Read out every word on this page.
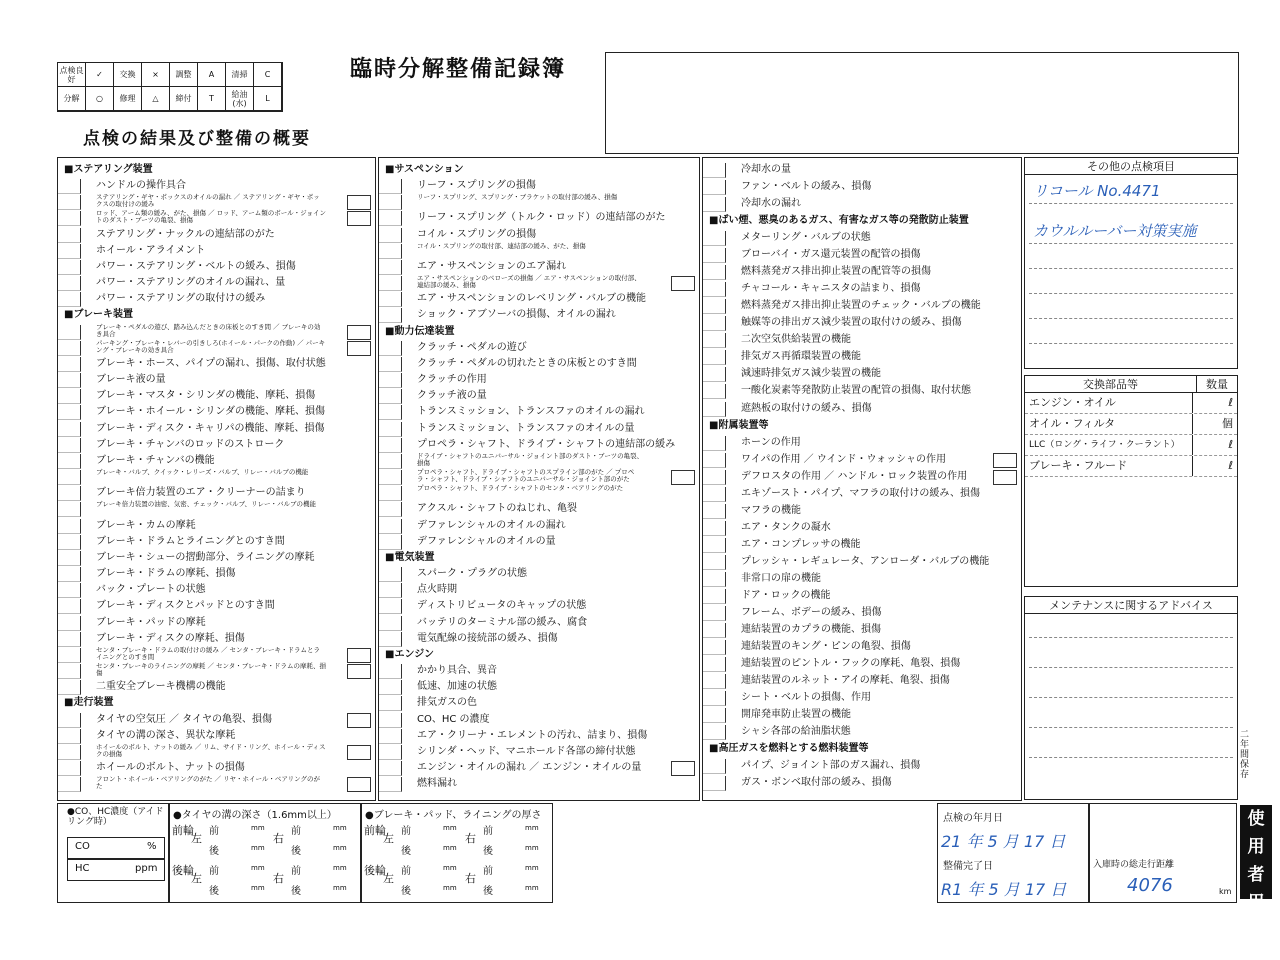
点検良好	✓	交換	×	調整	A	清掃	C
分解	○	修理	△	締付	T	給油(水)	L
臨時分解整備記録簿
点検の結果及び整備の概要
■ステアリング装置
ハンドルの操作具合
ステアリング・ギヤ・ボックスのオイルの漏れ ／ ステアリング・ギヤ・ボックスの取付けの緩み
ロッド、アーム類の緩み、がた、損傷 ／ ロッド、アーム類のボール・ジョイントのダスト・ブーツの亀裂、損傷
ステアリング・ナックルの連結部のがた
ホイール・アライメント
パワー・ステアリング・ベルトの緩み、損傷
パワー・ステアリングのオイルの漏れ、量
パワー・ステアリングの取付けの緩み
■ブレーキ装置
ブレーキ・ペダルの遊び、踏み込んだときの床板とのすき間 ／ ブレーキの効き具合
パーキング・ブレーキ・レバーの引きしろ(ホイール・パークの作動) ／ パーキング・ブレーキの効き具合
ブレーキ・ホース、パイプの漏れ、損傷、取付状態
ブレーキ液の量
ブレーキ・マスタ・シリンダの機能、摩耗、損傷
ブレーキ・ホイール・シリンダの機能、摩耗、損傷
ブレーキ・ディスク・キャリパの機能、摩耗、損傷
ブレーキ・チャンバのロッドのストローク
ブレーキ・チャンバの機能
ブレーキ・バルブ、クイック・レリーズ・バルブ、リレー・バルブの機能
ブレーキ倍力装置のエア・クリーナーの詰まり
ブレーキ倍力装置の油密、気密、チェック・バルブ、リレー・バルブの機能
ブレーキ・カムの摩耗
ブレーキ・ドラムとライニングとのすき間
ブレーキ・シューの摺動部分、ライニングの摩耗
ブレーキ・ドラムの摩耗、損傷
バック・プレートの状態
ブレーキ・ディスクとパッドとのすき間
ブレーキ・パッドの摩耗
ブレーキ・ディスクの摩耗、損傷
センタ・ブレーキ・ドラムの取付けの緩み ／ センタ・ブレーキ・ドラムとライニングとのすき間
センタ・ブレーキのライニングの摩耗 ／ センタ・ブレーキ・ドラムの摩耗、損傷
二重安全ブレーキ機構の機能
■走行装置
タイヤの空気圧 ／ タイヤの亀裂、損傷
タイヤの溝の深さ、異状な摩耗
ホイールのボルト、ナットの緩み ／ リム、サイド・リング、ホイール・ディスクの損傷
ホイールのボルト、ナットの損傷
フロント・ホイール・ベアリングのがた ／ リヤ・ホイール・ベアリングのがた
■サスペンション
リーフ・スプリングの損傷
リーフ・スプリング、スプリング・ブラケットの取付部の緩み、損傷
リーフ・スプリング（トルク・ロッド）の連結部のがた
コイル・スプリングの損傷
コイル・スプリングの取付部、連結部の緩み、がた、損傷
エア・サスペンションのエア漏れ
エア・サスペンションのベローズの損傷 ／ エア・サスペンションの取付部、連結部の緩み、損傷
エア・サスペンションのレベリング・バルブの機能
ショック・アブソーバの損傷、オイルの漏れ
■動力伝達装置
クラッチ・ペダルの遊び
クラッチ・ペダルの切れたときの床板とのすき間
クラッチの作用
クラッチ液の量
トランスミッション、トランスファのオイルの漏れ
トランスミッション、トランスファのオイルの量
プロペラ・シャフト、ドライブ・シャフトの連結部の緩み
ドライブ・シャフトのユニバーサル・ジョイント部のダスト・ブーツの亀裂、損傷
プロペラ・シャフト、ドライブ・シャフトのスプライン部のがた ／ プロペラ・シャフト、ドライブ・シャフトのユニバーサル・ジョイント部のがた
プロペラ・シャフト、ドライブ・シャフトのセンタ・ベアリングのがた
アクスル・シャフトのねじれ、亀裂
デファレンシャルのオイルの漏れ
デファレンシャルのオイルの量
■電気装置
スパーク・プラグの状態
点火時期
ディストリビュータのキャップの状態
バッテリのターミナル部の緩み、腐食
電気配線の接続部の緩み、損傷
■エンジン
かかり具合、異音
低速、加速の状態
排気ガスの色
CO、HC の濃度
エア・クリーナ・エレメントの汚れ、詰まり、損傷
シリンダ・ヘッド、マニホールド各部の締付状態
エンジン・オイルの漏れ ／ エンジン・オイルの量
燃料漏れ
冷却水の量
ファン・ベルトの緩み、損傷
冷却水の漏れ
■ばい煙、悪臭のあるガス、有害なガス等の発散防止装置
メターリング・バルブの状態
ブローバイ・ガス還元装置の配管の損傷
燃料蒸発ガス排出抑止装置の配管等の損傷
チャコール・キャニスタの詰まり、損傷
燃料蒸発ガス排出抑止装置のチェック・バルブの機能
触媒等の排出ガス減少装置の取付けの緩み、損傷
二次空気供給装置の機能
排気ガス再循環装置の機能
減速時排気ガス減少装置の機能
一酸化炭素等発散防止装置の配管の損傷、取付状態
遮熱板の取付けの緩み、損傷
■附属装置等
ホーンの作用
ワイパの作用 ／ ウインド・ウォッシャの作用
デフロスタの作用 ／ ハンドル・ロック装置の作用
エキゾースト・パイプ、マフラの取付けの緩み、損傷
マフラの機能
エア・タンクの凝水
エア・コンプレッサの機能
プレッシャ・レギュレータ、アンローダ・バルブの機能
非常口の扉の機能
ドア・ロックの機能
フレーム、ボデーの緩み、損傷
連結装置のカプラの機能、損傷
連結装置のキング・ピンの亀裂、損傷
連結装置のピントル・フックの摩耗、亀裂、損傷
連結装置のルネット・アイの摩耗、亀裂、損傷
シート・ベルトの損傷、作用
開扉発車防止装置の機能
シャシ各部の給油脂状態
■高圧ガスを燃料とする燃料装置等
パイプ、ジョイント部のガス漏れ、損傷
ガス・ボンベ取付部の緩み、損傷
その他の点検項目
リコール No.4471
カウルルーバー対策実施
交換部品等	数量
エンジン・オイル	ℓ
オイル・フィルタ	個
LLC（ロング・ライフ・クーラント）	ℓ
ブレーキ・フルード	ℓ
メンテナンスに関するアドバイス
二年間保存
●CO、HC濃度（アイドリング時）
CO	%
HC	ppm
●タイヤの溝の深さ（1.6mm以上）	●ブレーキ・パッド、ライニングの厚さ	点検の年月日
21 年 5 月 17 日
整備完了日
R1 年 5 月 17 日
入庫時の総走行距離
4076	km
使用者用
前輪
左
前	mm
後	mm
右
前	mm
後	mm
後輪
左
前	mm
後	mm
右
前	mm
後	mm
前輪
左
前	mm
後	mm
右
前	mm
後	mm
後輪
左
前	mm
後	mm
右
前	mm
後	mm
